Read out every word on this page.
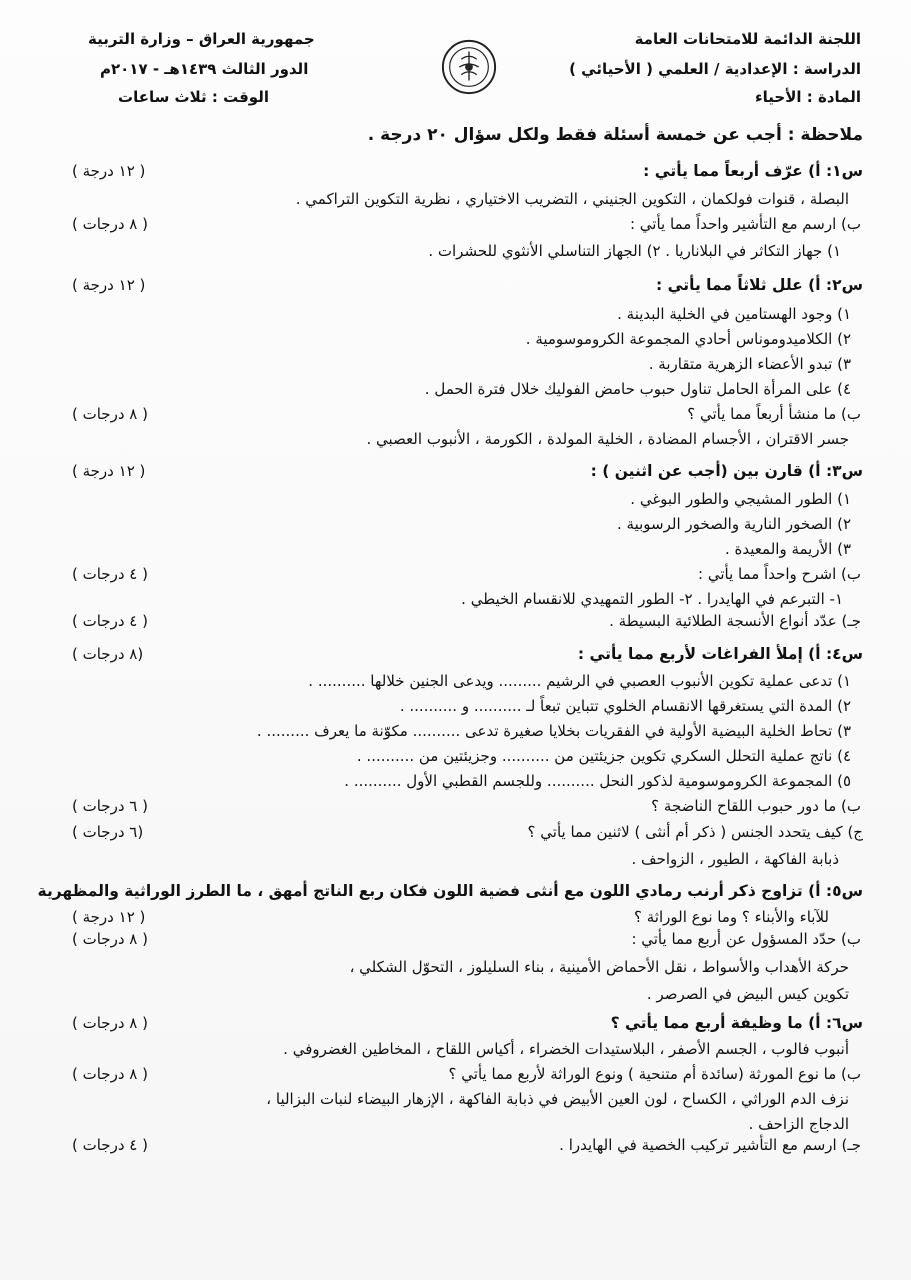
اللجنة الدائمة للامتحانات العامة
الدراسة : الإعدادية / العلمي ( الأحيائي )
المادة : الأحياء
جمهورية العراق – وزارة التربية
الدور الثالث ١٤٣٩هـ - ٢٠١٧م
الوقت : ثلاث ساعات
ملاحظة : أجب عن خمسة أسئلة فقط ولكل سؤال ٢٠ درجة .
س١: أ) عرّف أربعاً مما يأتي :
( ١٢ درجة )
البصلة ، قنوات فولكمان ، التكوين الجنيني ، التضريب الاختياري ، نظرية التكوين التراكمي .
ب) ارسم مع التأشير واحداً مما يأتي :
( ٨ درجات )
١) جهاز التكاثر في البلاناريا . ٢) الجهاز التناسلي الأنثوي للحشرات .
س٢: أ) علل ثلاثاً مما يأتي :
( ١٢ درجة )
١) وجود الهستامين في الخلية البدينة .
٢) الكلاميدوموناس أحادي المجموعة الكروموسومية .
٣) تبدو الأعضاء الزهرية متقاربة .
٤) على المرأة الحامل تناول حبوب حامض الفوليك خلال فترة الحمل .
ب) ما منشأ أربعاً مما يأتي ؟
( ٨ درجات )
جسر الاقتران ، الأجسام المضادة ، الخلية المولدة ، الكورمة ، الأنبوب العصبي .
س٣: أ) قارن بين (أجب عن اثنين ) :
( ١٢ درجة )
١) الطور المشيجي والطور البوغي .
٢) الصخور النارية والصخور الرسوبية .
٣) الأريمة والمعيدة .
ب) اشرح واحداً مما يأتي :
( ٤ درجات )
١- التبرعم في الهايدرا . ٢- الطور التمهيدي للانقسام الخيطي .
جـ) عدّد أنواع الأنسجة الطلائية البسيطة .
( ٤ درجات )
س٤: أ) إملأ الفراغات لأربع مما يأتي :
(٨ درجات )
١) تدعى عملية تكوين الأنبوب العصبي في الرشيم ......... ويدعى الجنين خلالها .......... .
٢) المدة التي يستغرقها الانقسام الخلوي تتباين تبعاً لـ .......... و .......... .
٣) تحاط الخلية البيضية الأولية في الفقريات بخلايا صغيرة تدعى .......... مكوّنة ما يعرف ......... .
٤) ناتج عملية التحلل السكري تكوين جزيئتين من .......... وجزيئتين من .......... .
٥) المجموعة الكروموسومية لذكور النحل .......... وللجسم القطبي الأول .......... .
ب) ما دور حبوب اللقاح الناضجة ؟
( ٦ درجات )
ج) كيف يتحدد الجنس ( ذكر أم أنثى ) لاثنين مما يأتي ؟
(٦ درجات )
ذبابة الفاكهة ، الطيور ، الزواحف .
س٥: أ) تزاوج ذكر أرنب رمادي اللون مع أنثى فضية اللون فكان ربع الناتج أمهق ، ما الطرز الوراثية والمظهرية
للآباء والأبناء ؟ وما نوع الوراثة ؟
( ١٢ درجة )
ب) حدّد المسؤول عن أربع مما يأتي :
( ٨ درجات )
حركة الأهداب والأسواط ، نقل الأحماض الأمينية ، بناء السليلوز ، التحوّل الشكلي ،
تكوين كيس البيض في الصرصر .
س٦: أ) ما وظيفة أربع مما يأتي ؟
( ٨ درجات )
أنبوب فالوب ، الجسم الأصفر ، البلاستيدات الخضراء ، أكياس اللقاح ، المخاطين الغضروفي .
ب) ما نوع المورثة (سائدة أم متنحية ) ونوع الوراثة لأربع مما يأتي ؟
( ٨ درجات )
نزف الدم الوراثي ، الكساح ، لون العين الأبيض في ذبابة الفاكهة ، الإزهار البيضاء لنبات البزاليا ،
الدجاج الزاحف .
جـ) ارسم مع التأشير تركيب الخصية في الهايدرا .
( ٤ درجات )
